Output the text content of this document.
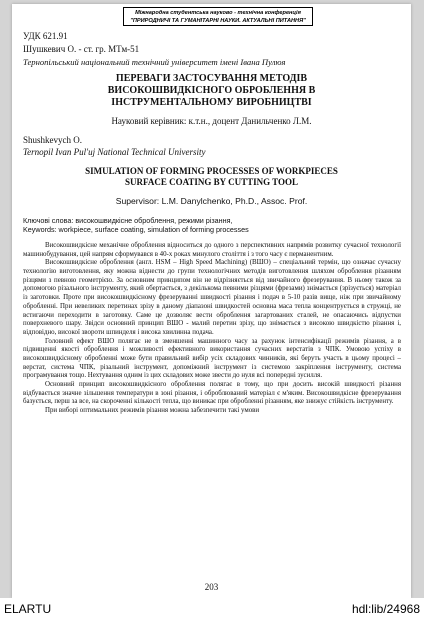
Міжнародна студентська науково - технічна конференція
"ПРИРОДНИЧІ ТА ГУМАНІТАРНІ НАУКИ. АКТУАЛЬНІ ПИТАННЯ"
УДК 621.91
Шушкевич О. - ст. гр. МТм-51
Тернопільський національний технічний університет імені Івана Пулюя
ПЕРЕВАГИ ЗАСТОСУВАННЯ МЕТОДІВ
ВИСОКОШВИДКІСНОГО ОБРОБЛЕННЯ В
ІНСТРУМЕНТАЛЬНОМУ ВИРОБНИЦТВІ
Науковий керівник: к.т.н., доцент Данильченко Л.М.
Shushkevych O.
Ternopil Ivan Pul'uj National Technical University
SIMULATION OF FORMING PROCESSES OF WORKPIECES
SURFACE COATING BY CUTTING TOOL
Supervisor: L.M. Danylchenko, Ph.D., Assoc. Prof.
Ключові слова: високошвидкісне оброблення, режими різання,
Keywords: workpiece, surface coating, simulation of forming processes

Високошвидкісне механічне оброблення відноситься до одного з перспективних напрямів розвитку сучасної технології машинобудування, цей напрям сформувався в 40-х роках минулого століття і з того часу є перманентним.

Високошвидкісне оброблення (англ. HSM – High Speed Machining) (ВШО) – спеціальний термін, що означає сучасну технологію виготовлення, яку можна віднести до групи технологічних методів виготовлення шляхом оброблення різанням різцями з певною геометрією. За основним принципом він не відрізняється від звичайного фрезерування. В ньому також за допомогою різального інструменту, який обертається, з декількома певними різцями (фрезами) знімається (зрізується) матеріал із заготовки. Проте при високошвидкісному фрезеруванні швидкості різання і подач в 5-10 разів вище, ніж при звичайному обробленні. При невеликих перетинах зрізу в даному діапазоні швидкостей основна маса тепла концентрується в стружці, не встигаючи переходити в заготовку. Саме це дозволяє вести оброблення загартованих сталей, не опасаючись відпустки поверхневого шару. Звідси основний принцип ВШО - малий перетин зрізу, що знімається з високою швидкістю різання і, відповідно, високої звороти шпинделя і висока хвилинна подача.

Головний ефект ВШО полягає не в зменшенні машинного часу за рахунок інтенсифікації режимів різання, а в підвищенні якості оброблення і можливості ефективного використання сучасних верстатів з ЧПК. Умовою успіху в високошвидкісному обробленні може бути правильний вибір усіх складових чинників, які беруть участь в цьому процесі – верстат, система ЧПК, різальний інструмент, допоміжний інструмент із системою закріплення інструменту, система програмування тощо. Нехтування одним із цих складових може звести до нуля всі попередні зусилля.

Основний принцип високошвидкісного оброблення полягає в тому, що при досить високій швидкості різання відбувається значне зільшення температури в зоні різання, і оброблюваний матеріал є м'яким. Високошвидкісне фрезерування базується, перш за все, на скороченні кількості тепла, що виникає при обробленні різанням, яке знижує стійкість інструменту.

При виборі оптимальних режимів різання можна забезпечити такі умови

203
ELARTU	hdl:lib/24968
